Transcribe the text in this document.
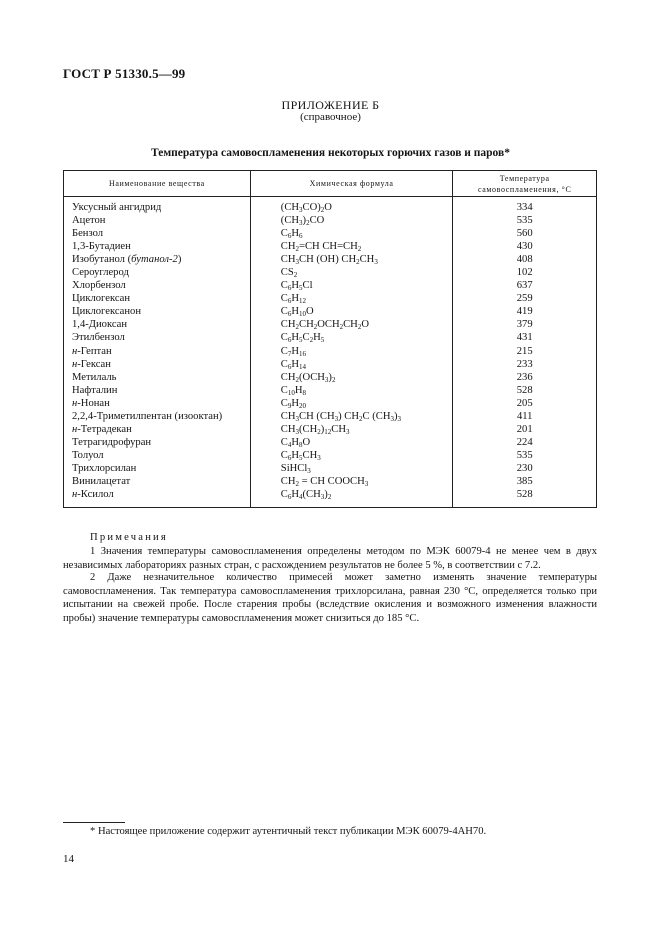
ГОСТ Р 51330.5—99
ПРИЛОЖЕНИЕ Б
(справочное)
Температура самовоспламенения некоторых горючих газов и паров*
Наименование вещества	Химическая формула	Температура
самовоспламенения, °С
Уксусный ангидрид	$(CH_3CO)_2O$	334
Ацетон	$(CH_3)_2CO$	535
Бензол	$C_6H_6$	560
1,3-Бутадиен	$CH_2=CH$ $CH=CH_2$	430
Изобутанол (бутанол-2)	$CH_3CH$ (OH) $CH_2CH_3$	408
Сероуглерод	$CS_2$	102
Хлорбензол	$C_6H_5Cl$	637
Циклогексан	$C_6H_{12}$	259
Циклогексанон	$C_6H_{10}O$	419
1,4-Диоксан	$CH_2CH_2OCH_2CH_2O$	379
Этилбензол	$C_6H_5C_2H_5$	431
н-Гептан	$C_7H_{16}$	215
н-Гексан	$C_6H_{14}$	233
Метилаль	$CH_2(OCH_3)_2$	236
Нафталин	$C_{10}H_8$	528
н-Нонан	$C_9H_{20}$	205
2,2,4-Триметилпентан (изооктан)	$CH_3CH$ $(CH_3)$ $CH_2C$ $(CH_3)_3$	411
н-Тетрадекан	$CH_3(CH_2)_{12}CH_3$	201
Тетрагидрофуран	$C_4H_8O$	224
Толуол	$C_6H_5CH_3$	535
Трихлорсилан	SiHCl$_3$	230
Винилацетат	$CH_2$ = CH $COOCH_3$	385
н-Ксилол	$C_6H_4(CH_3)_2$	528
Примечания

1 Значения температуры самовоспламенения определены методом по МЭК 60079-4 не менее чем в двух независимых лабораториях разных стран, с расхождением результатов не более 5 %, в соответствии с 7.2.

2 Даже незначительное количество примесей может заметно изменять значение температуры самовоспламенения. Так температура самовоспламенения трихлорсилана, равная 230 °С, определяется только при испытании на свежей пробе. После старения пробы (вследствие окисления и возможного изменения влажности пробы) значение температуры самовоспламенения может снизиться до 185 °С.

* Настоящее приложение содержит аутентичный текст публикации МЭК 60079-4АH70.
14
